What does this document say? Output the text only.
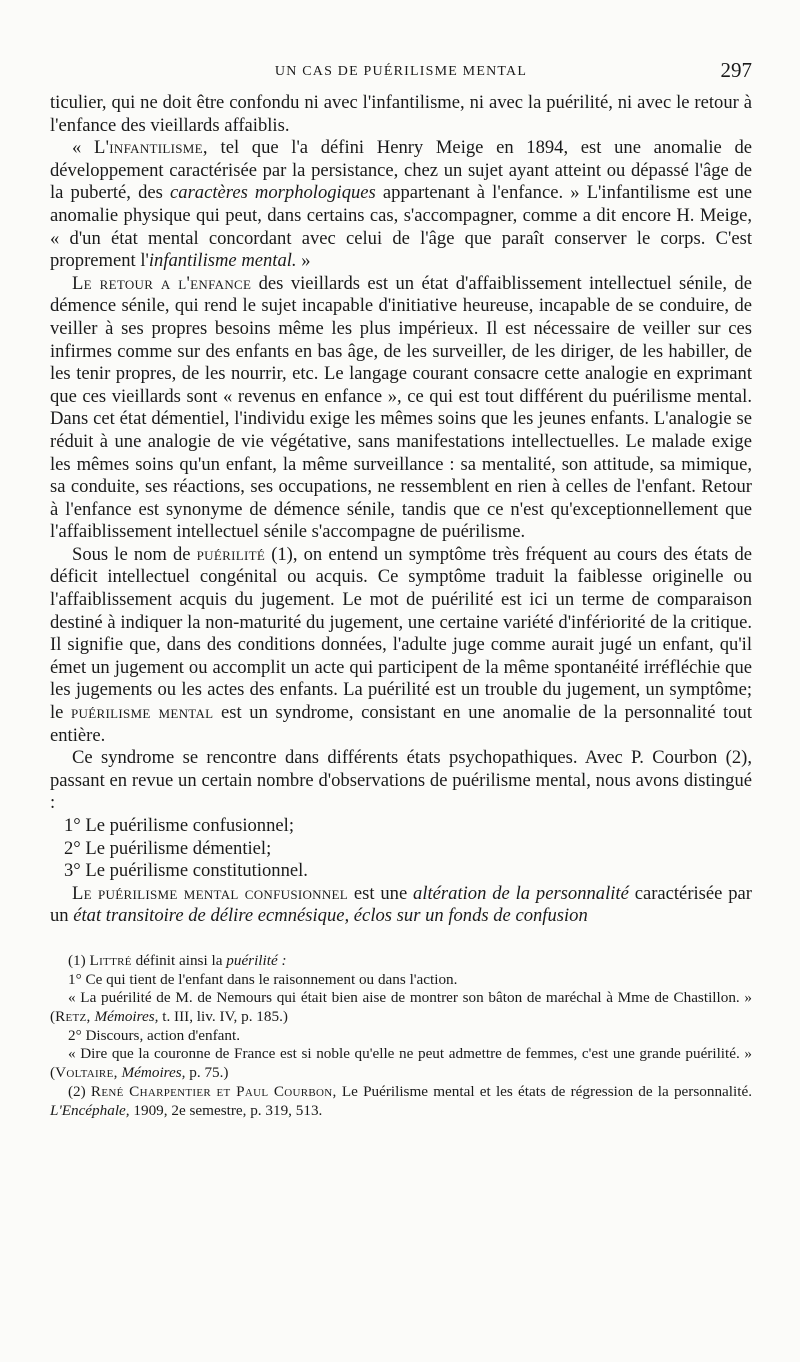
UN CAS DE PUÉRILISME MENTAL	297

ticulier, qui ne doit être confondu ni avec l'infantilisme, ni avec la puérilité, ni avec le retour à l'enfance des vieillards affaiblis.

« L'infantilisme, tel que l'a défini Henry Meige en 1894, est une anomalie de développement caractérisée par la persistance, chez un sujet ayant atteint ou dépassé l'âge de la puberté, des caractères morphologiques appartenant à l'enfance. » L'infantilisme est une anomalie physique qui peut, dans certains cas, s'accompagner, comme a dit encore H. Meige, « d'un état mental concordant avec celui de l'âge que paraît conserver le corps. C'est proprement l'infantilisme mental. »

Le retour a l'enfance des vieillards est un état d'affaiblissement intellectuel sénile, de démence sénile, qui rend le sujet incapable d'initiative heureuse, incapable de se conduire, de veiller à ses propres besoins même les plus impérieux. Il est nécessaire de veiller sur ces infirmes comme sur des enfants en bas âge, de les surveiller, de les diriger, de les habiller, de les tenir propres, de les nourrir, etc. Le langage courant consacre cette analogie en exprimant que ces vieillards sont « revenus en enfance », ce qui est tout différent du puérilisme mental. Dans cet état démentiel, l'individu exige les mêmes soins que les jeunes enfants. L'analogie se réduit à une analogie de vie végétative, sans manifestations intellectuelles. Le malade exige les mêmes soins qu'un enfant, la même surveillance : sa mentalité, son attitude, sa mimique, sa conduite, ses réactions, ses occupations, ne ressemblent en rien à celles de l'enfant. Retour à l'enfance est synonyme de démence sénile, tandis que ce n'est qu'exceptionnellement que l'affaiblissement intellectuel sénile s'accompagne de puérilisme.

Sous le nom de puérilité (1), on entend un symptôme très fréquent au cours des états de déficit intellectuel congénital ou acquis. Ce symptôme traduit la faiblesse originelle ou l'affaiblissement acquis du jugement. Le mot de puérilité est ici un terme de comparaison destiné à indiquer la non-maturité du jugement, une certaine variété d'infériorité de la critique. Il signifie que, dans des conditions données, l'adulte juge comme aurait jugé un enfant, qu'il émet un jugement ou accomplit un acte qui participent de la même spontanéité irréfléchie que les jugements ou les actes des enfants. La puérilité est un trouble du jugement, un symptôme; le puérilisme mental est un syndrome, consistant en une anomalie de la personnalité tout entière.

Ce syndrome se rencontre dans différents états psychopathiques. Avec P. Courbon (2), passant en revue un certain nombre d'observations de puérilisme mental, nous avons distingué :

1° Le puérilisme confusionnel;
2° Le puérilisme démentiel;
3° Le puérilisme constitutionnel.

Le puérilisme mental confusionnel est une altération de la personnalité caractérisée par un état transitoire de délire ecmnésique, éclos sur un fonds de confusion

(1) Littré définit ainsi la puérilité :

1° Ce qui tient de l'enfant dans le raisonnement ou dans l'action.

« La puérilité de M. de Nemours qui était bien aise de montrer son bâton de maréchal à Mme de Chastillon. » (Retz, Mémoires, t. III, liv. IV, p. 185.)

2° Discours, action d'enfant.

« Dire que la couronne de France est si noble qu'elle ne peut admettre de femmes, c'est une grande puérilité. » (Voltaire, Mémoires, p. 75.)

(2) René Charpentier et Paul Courbon, Le Puérilisme mental et les états de régression de la personnalité. L'Encéphale, 1909, 2e semestre, p. 319, 513.
